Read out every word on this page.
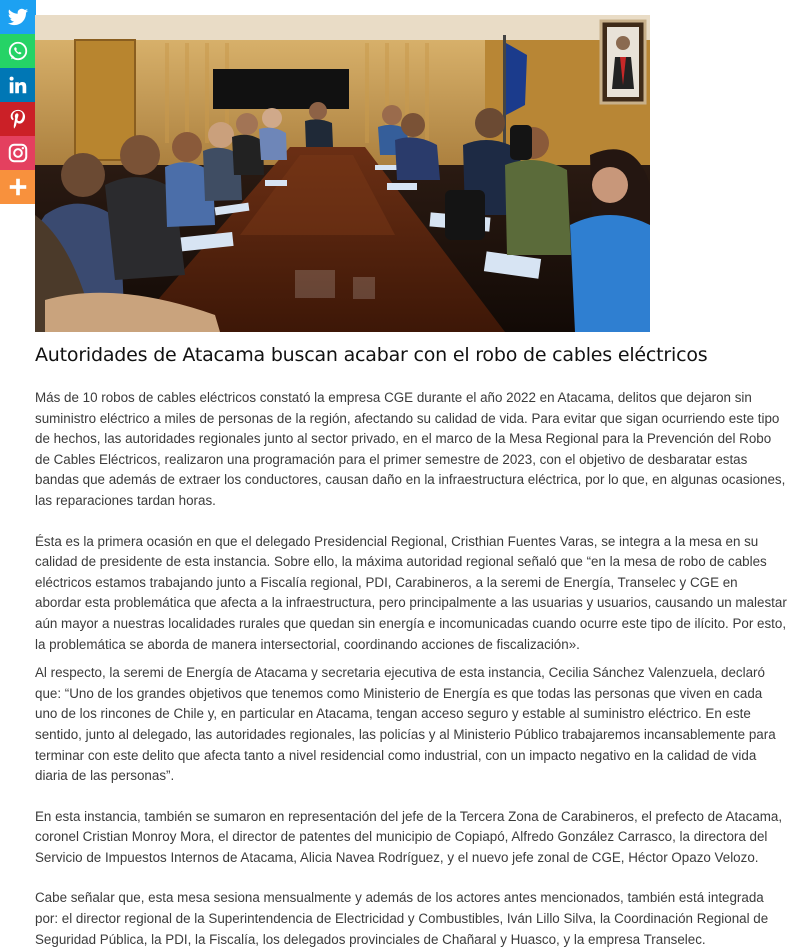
Autoridades de Atacama buscan acabar con el robo de cables eléctricos

Más de 10 robos de cables eléctricos constató la empresa CGE durante el año 2022 en Atacama, delitos que dejaron sin suministro eléctrico a miles de personas de la región, afectando su calidad de vida. Para evitar que sigan ocurriendo este tipo de hechos, las autoridades regionales junto al sector privado, en el marco de la Mesa Regional para la Prevención del Robo de Cables Eléctricos, realizaron una programación para el primer semestre de 2023, con el objetivo de desbaratar estas bandas que además de extraer los conductores, causan daño en la infraestructura eléctrica, por lo que, en algunas ocasiones, las reparaciones tardan horas.

Ésta es la primera ocasión en que el delegado Presidencial Regional, Cristhian Fuentes Varas, se integra a la mesa en su calidad de presidente de esta instancia. Sobre ello, la máxima autoridad regional señaló que “en la mesa de robo de cables eléctricos estamos trabajando junto a Fiscalía regional, PDI, Carabineros, a la seremi de Energía, Transelec y CGE en abordar esta problemática que afecta a la infraestructura, pero principalmente a las usuarias y usuarios, causando un malestar aún mayor a nuestras localidades rurales que quedan sin energía e incomunicadas cuando ocurre este tipo de ilícito. Por esto, la problemática se aborda de manera intersectorial, coordinando acciones de fiscalización».

Al respecto, la seremi de Energía de Atacama y secretaria ejecutiva de esta instancia, Cecilia Sánchez Valenzuela, declaró que: “Uno de los grandes objetivos que tenemos como Ministerio de Energía es que todas las personas que viven en cada uno de los rincones de Chile y, en particular en Atacama, tengan acceso seguro y estable al suministro eléctrico. En este sentido, junto al delegado, las autoridades regionales, las policías y al Ministerio Público trabajaremos incansablemente para terminar con este delito que afecta tanto a nivel residencial como industrial, con un impacto negativo en la calidad de vida diaria de las personas”.

En esta instancia, también se sumaron en representación del jefe de la Tercera Zona de Carabineros, el prefecto de Atacama, coronel Cristian Monroy Mora, el director de patentes del municipio de Copiapó, Alfredo González Carrasco, la directora del Servicio de Impuestos Internos de Atacama, Alicia Navea Rodríguez, y el nuevo jefe zonal de CGE, Héctor Opazo Velozo.

Cabe señalar que, esta mesa sesiona mensualmente y además de los actores antes mencionados, también está integrada por: el director regional de la Superintendencia de Electricidad y Combustibles, Iván Lillo Silva, la Coordinación Regional de Seguridad Pública, la PDI, la Fiscalía, los delegados provinciales de Chañaral y Huasco, y la empresa Transelec.
